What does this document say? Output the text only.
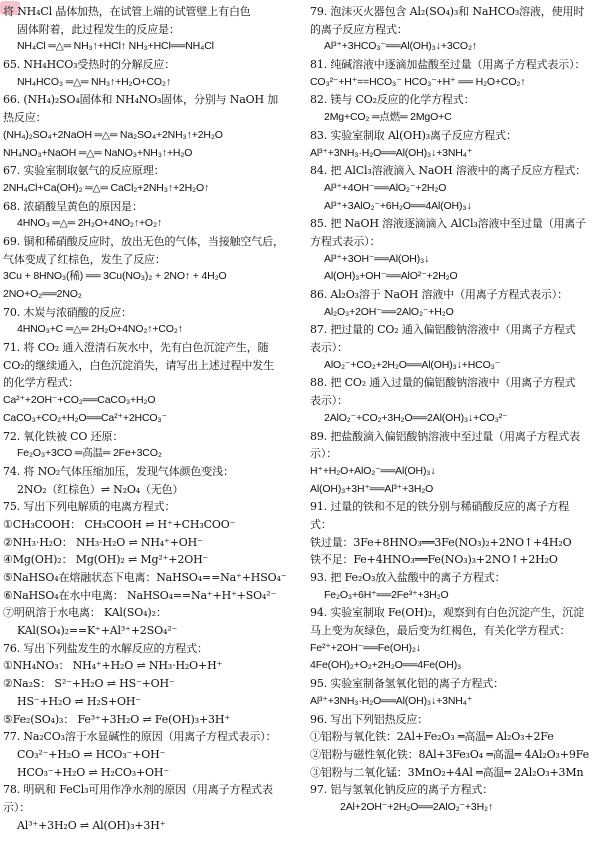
将 NH₄Cl 晶体加热，在试管上端的试管壁上有白色
固体附着，此过程发生的反应是：
NH₄Cl ═△═ NH₃↑+HCl↑ NH₃+HCl══NH₄Cl
65. NH₄HCO₃受热时的分解反应：
NH₄HCO₃ ═△═ NH₃↑+H₂O+CO₂↑
66. (NH₄)₂SO₄固体和 NH₄NO₃固体，分别与 NaOH 加
热反应：
(NH₄)₂SO₄+2NaOH ═△═ Na₂SO₄+2NH₃↑+2H₂O
NH₄NO₃+NaOH ═△═ NaNO₃+NH₃↑+H₂O
67. 实验室制取氨气的反应原理：
2NH₄Cl+Ca(OH)₂ ═△═ CaCl₂+2NH₃↑+2H₂O↑
68. 浓硝酸呈黄色的原因是：
4HNO₃ ═△═ 2H₂O+4NO₂↑+O₂↑
69. 铜和稀硝酸反应时，放出无色的气体，当接触空气后，
气体变成了红棕色，发生了反应：
3Cu + 8HNO₃(稀) ══ 3Cu(NO₃)₂ + 2NO↑ + 4H₂O
2NO+O₂══2NO₂
70. 木炭与浓硝酸的反应：
4HNO₃+C ═△═ 2H₂O+4NO₂↑+CO₂↑
71. 将 CO₂ 通入澄清石灰水中，先有白色沉淀产生，随
CO₂的继续通入，白色沉淀消失，请写出上述过程中发生
的化学方程式：
Ca²⁺+2OH⁻+CO₂══CaCO₃+H₂O
CaCO₃+CO₂+H₂O══Ca²⁺+2HCO₃⁻
72. 氧化铁被 CO 还原：
Fe₂O₃+3CO ═高温═ 2Fe+3CO₂
74. 将 NO₂气体压缩加压，发现气体颜色变浅：
2NO₂（红棕色）⇌ N₂O₄（无色）
75. 写出下列电解质的电离方程式：
①CH₃COOH： CH₃COOH ⇌ H⁺+CH₃COO⁻
②NH₃·H₂O： NH₃·H₂O ⇌ NH₄⁺+OH⁻
④Mg(OH)₂： Mg(OH)₂ ⇌ Mg²⁺+2OH⁻
⑤NaHSO₄在熔融状态下电离：NaHSO₄==Na⁺+HSO₄⁻
⑥NaHSO₄在水中电离： NaHSO₄==Na⁺+H⁺+SO₄²⁻
⑦明矾溶于水电离： KAl(SO₄)₂：
KAl(SO₄)₂==K⁺+Al³⁺+2SO₄²⁻
76. 写出下列盐发生的水解反应的方程式：
①NH₄NO₃： NH₄⁺+H₂O ⇌ NH₃·H₂O+H⁺
②Na₂S： S²⁻+H₂O ⇌ HS⁻+OH⁻
HS⁻+H₂O ⇌ H₂S+OH⁻
⑤Fe₂(SO₄)₃： Fe³⁺+3H₂O ⇌ Fe(OH)₃+3H⁺
77. Na₂CO₃溶于水显碱性的原因（用离子方程式表示）：
CO₃²⁻+H₂O ⇌ HCO₃⁻+OH⁻
HCO₃⁻+H₂O ⇌ H₂CO₃+OH⁻
78. 明矾和 FeCl₃可用作净水剂的原因（用离子方程式表
示）：
Al³⁺+3H₂O ⇌ Al(OH)₃+3H⁺
79. 泡沫灭火器包含 Al₂(SO₄)₃和 NaHCO₃溶液，使用时
的离子反应方程式：
Al³⁺+3HCO₃⁻══Al(OH)₃↓+3CO₂↑
81. 纯碱溶液中逐滴加盐酸至过量（用离子方程式表示）：
CO₃²⁻+H⁺==HCO₃⁻ HCO₃⁻+H⁺ ══ H₂O+CO₂↑
82. 镁与 CO₂反应的化学方程式：
2Mg+CO₂ ═点燃═ 2MgO+C
83. 实验室制取 Al(OH)₃离子反应方程式：
Al³⁺+3NH₃·H₂O══Al(OH)₃↓+3NH₄⁺
84. 把 AlCl₃溶液滴入 NaOH 溶液中的离子反应方程式：
Al³⁺+4OH⁻══AlO₂⁻+2H₂O
Al³⁺+3AlO₂⁻+6H₂O══4Al(OH)₃↓
85. 把 NaOH 溶液逐滴滴入 AlCl₃溶液中至过量（用离子
方程式表示）：
Al³⁺+3OH⁻══Al(OH)₃↓
Al(OH)₃+OH⁻══AlO²⁻+2H₂O
86. Al₂O₃溶于 NaOH 溶液中（用离子方程式表示）：
Al₂O₃+2OH⁻══2AlO₂⁻+H₂O
87. 把过量的 CO₂ 通入偏铝酸钠溶液中（用离子方程式
表示）：
AlO₂⁻+CO₂+2H₂O══Al(OH)₃↓+HCO₃⁻
88. 把 CO₂ 通入过量的偏铝酸钠溶液中（用离子方程式
表示）：
2AlO₂⁻+CO₂+3H₂O══2Al(OH)₃↓+CO₃²⁻
89. 把盐酸滴入偏铝酸钠溶液中至过量（用离子方程式表
示）：
H⁺+H₂O+AlO₂⁻══Al(OH)₃↓
Al(OH)₃+3H⁺══Al³⁺+3H₂O
91. 过量的铁和不足的铁分别与稀硝酸反应的离子方程
式：
铁过量：3Fe+8HNO₃══3Fe(NO₃)₂+2NO↑+4H₂O
铁不足：Fe+4HNO₃══Fe(NO₃)₃+2NO↑+2H₂O
93. 把 Fe₂O₃放入盐酸中的离子方程式：
Fe₂O₃+6H⁺══2Fe³⁺+3H₂O
94. 实验室制取 Fe(OH)₂，观察到有白色沉淀产生，沉淀
马上变为灰绿色，最后变为红褐色，有关化学方程式：
Fe²⁺+2OH⁻══Fe(OH)₂↓
4Fe(OH)₂+O₂+2H₂O══4Fe(OH)₃
95. 实验室制备氢氧化铝的离子方程式：
Al³⁺+3NH₃·H₂O══Al(OH)₃↓+3NH₄⁺
96. 写出下列铝热反应：
①铝粉与氧化铁：2Al+Fe₂O₃ ═高温═ Al₂O₃+2Fe
②铝粉与磁性氧化铁：8Al+3Fe₃O₄ ═高温═ 4Al₂O₃+9Fe
③铝粉与二氧化锰：3MnO₂+4Al ═高温═ 2Al₂O₃+3Mn
97. 铝与氢氧化钠反应的离子方程式：
2Al+2OH⁻+2H₂O══2AlO₂⁻+3H₂↑
